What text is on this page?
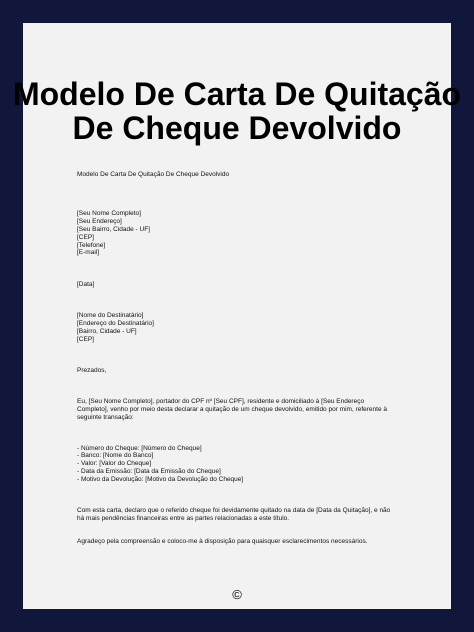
Modelo De Carta De Quitação
De Cheque Devolvido

Modelo De Carta De Quitação De Cheque Devolvido

[Seu Nome Completo]

[Seu Endereço]

[Seu Bairro, Cidade - UF]

[CEP]

[Telefone]

[E-mail]

[Data]

[Nome do Destinatário]

[Endereço do Destinatário]

[Bairro, Cidade - UF]

[CEP]

Prezados,

Eu, [Seu Nome Completo], portador do CPF nº [Seu CPF], residente e domiciliado à [Seu Endereço Completo], venho por meio desta declarar a quitação de um cheque devolvido, emitido por mim, referente à seguinte transação:

- Número do Cheque: [Número do Cheque]

- Banco: [Nome do Banco]

- Valor: [Valor do Cheque]

- Data da Emissão: [Data da Emissão do Cheque]

- Motivo da Devolução: [Motivo da Devolução do Cheque]

Com esta carta, declaro que o referido cheque foi devidamente quitado na data de [Data da Quitação], e não há mais pendências financeiras entre as partes relacionadas a este título.

Agradeço pela compreensão e coloco-me à disposição para quaisquer esclarecimentos necessários.

©
